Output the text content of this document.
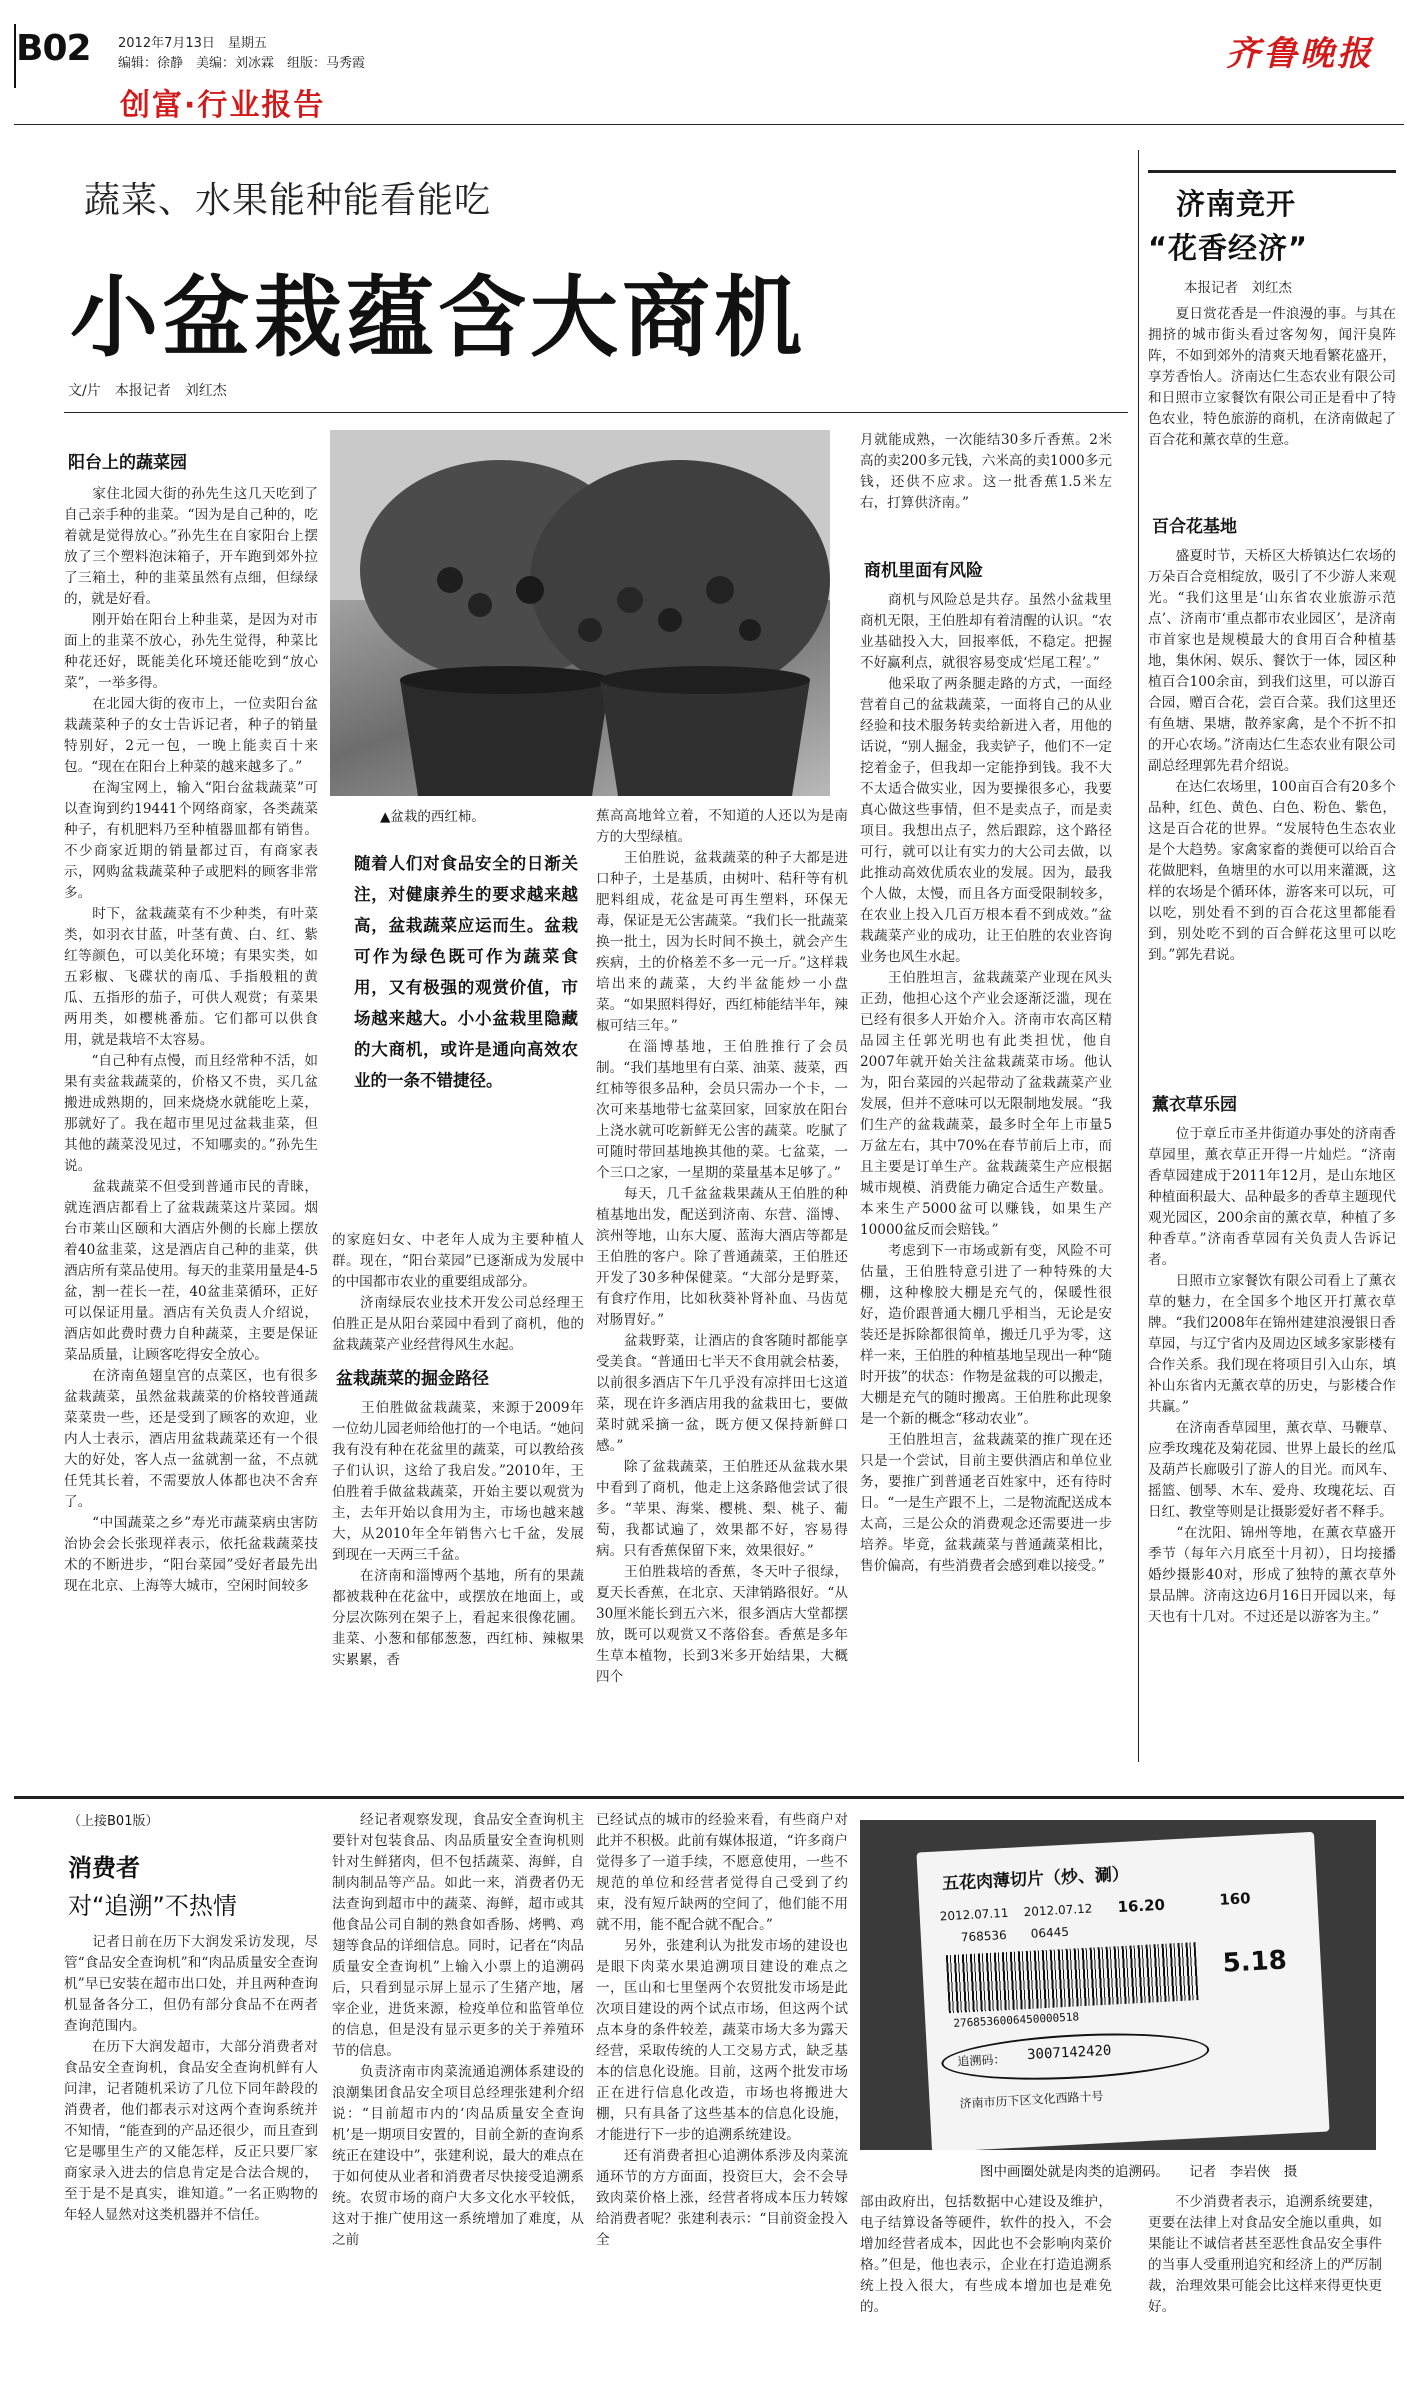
B02 2012年7月13日　星期五
编辑：徐静　美编：刘冰霖　组版：马秀霞
创富·行业报告
齐鲁晚报
蔬菜、水果能种能看能吃
小盆栽蕴含大商机
文/片　本报记者　刘红杰
阳台上的蔬菜园

　　家住北园大街的孙先生这几天吃到了自己亲手种的韭菜。“因为是自己种的，吃着就是觉得放心。”孙先生在自家阳台上摆放了三个塑料泡沫箱子，开车跑到郊外拉了三箱土，种的韭菜虽然有点细，但绿绿的，就是好看。
　　刚开始在阳台上种韭菜，是因为对市面上的韭菜不放心，孙先生觉得，种菜比种花还好，既能美化环境还能吃到“放心菜”，一举多得。
　　在北园大街的夜市上，一位卖阳台盆栽蔬菜种子的女士告诉记者，种子的销量特别好，2元一包，一晚上能卖百十来包。“现在在阳台上种菜的越来越多了。”
　　在淘宝网上，输入“阳台盆栽蔬菜”可以查询到约19441个网络商家，各类蔬菜种子，有机肥料乃至种植器皿都有销售。不少商家近期的销量都过百，有商家表示，网购盆栽蔬菜种子或肥料的顾客非常多。
　　时下，盆栽蔬菜有不少种类，有叶菜类，如羽衣甘蓝，叶茎有黄、白、红、紫红等颜色，可以美化环境；有果实类，如五彩椒、飞碟状的南瓜、手指般粗的黄瓜、五指形的茄子，可供人观赏；有菜果两用类，如樱桃番茄。它们都可以供食用，就是栽培不太容易。
　　“自己种有点慢，而且经常种不活，如果有卖盆栽蔬菜的，价格又不贵，买几盆搬进成熟期的，回来烧烧水就能吃上菜，那就好了。我在超市里见过盆栽韭菜，但其他的蔬菜没见过，不知哪卖的。”孙先生说。
　　盆栽蔬菜不但受到普通市民的青睐，就连酒店都看上了盆栽蔬菜这片菜园。烟台市莱山区颐和大酒店外侧的长廊上摆放着40盆韭菜，这是酒店自己种的韭菜，供酒店所有菜品使用。每天的韭菜用量是4-5盆，割一茬长一茬，40盆韭菜循环，正好可以保证用量。酒店有关负责人介绍说，酒店如此费时费力自种蔬菜，主要是保证菜品质量，让顾客吃得安全放心。
　　在济南鱼翅皇宫的点菜区，也有很多盆栽蔬菜，虽然盆栽蔬菜的价格较普通蔬菜菜贵一些，还是受到了顾客的欢迎，业内人士表示，酒店用盆栽蔬菜还有一个很大的好处，客人点一盆就割一盆，不点就任凭其长着，不需要放人体都也决不舍弃了。
　　“中国蔬菜之乡”寿光市蔬菜病虫害防治协会会长张现祥表示，依托盆栽蔬菜技术的不断进步，“阳台菜园”受好者最先出现在北京、上海等大城市，空闲时间较多

▲盆栽的西红柿。
随着人们对食品安全的日渐关注，对健康养生的要求越来越高，盆栽蔬菜应运而生。盆栽可作为绿色既可作为蔬菜食用，又有极强的观赏价值，市场越来越大。小小盆栽里隐藏的大商机，或许是通向高效农业的一条不错捷径。

的家庭妇女、中老年人成为主要种植人群。现在，“阳台菜园”已逐渐成为发展中的中国都市农业的重要组成部分。
　　济南绿辰农业技术开发公司总经理王伯胜正是从阳台菜园中看到了商机，他的盆栽蔬菜产业经营得风生水起。

盆栽蔬菜的掘金路径

　　王伯胜做盆栽蔬菜，来源于2009年一位幼儿园老师给他打的一个电话。“她问我有没有种在花盆里的蔬菜，可以教给孩子们认识，这给了我启发。”2010年，王伯胜着手做盆栽蔬菜，开始主要以观赏为主，去年开始以食用为主，市场也越来越大，从2010年全年销售六七千盆，发展到现在一天两三千盆。
　　在济南和淄博两个基地，所有的果蔬都被栽种在花盆中，或摆放在地面上，或分层次陈列在架子上，看起来很像花圃。韭菜、小葱和郁郁葱葱，西红柿、辣椒果实累累，香

蕉高高地耸立着，不知道的人还以为是南方的大型绿植。
　　王伯胜说，盆栽蔬菜的种子大都是进口种子，土是基质，由树叶、秸秆等有机肥料组成，花盆是可再生塑料，环保无毒，保证是无公害蔬菜。“我们长一批蔬菜换一批土，因为长时间不换土，就会产生疾病，土的价格差不多一元一斤。”这样栽培出来的蔬菜，大约半盆能炒一小盘菜。“如果照料得好，西红柿能结半年，辣椒可结三年。”
　　在淄博基地，王伯胜推行了会员制。“我们基地里有白菜、油菜、菠菜，西红柿等很多品种，会员只需办一个卡，一次可来基地带七盆菜回家，回家放在阳台上浇水就可吃新鲜无公害的蔬菜。吃腻了可随时带回基地换其他的菜。七盆菜，一个三口之家，一星期的菜量基本足够了。”
　　每天，几千盆盆栽果蔬从王伯胜的种植基地出发，配送到济南、东营、淄博、滨州等地，山东大厦、蓝海大酒店等都是王伯胜的客户。除了普通蔬菜，王伯胜还开发了30多种保健菜。“大部分是野菜，有食疗作用，比如秋葵补肾补血、马齿苋对肠胃好。”
　　盆栽野菜，让酒店的食客随时都能享受美食。“普通田七半天不食用就会枯萎，以前很多酒店下午几乎没有凉拌田七这道菜，现在许多酒店用我的盆栽田七，要做菜时就采摘一盆，既方便又保持新鲜口感。”
　　除了盆栽蔬菜，王伯胜还从盆栽水果中看到了商机，他走上这条路他尝试了很多。“苹果、海棠、樱桃、梨、桃子、葡萄，我都试遍了，效果都不好，容易得病。只有香蕉保留下来，效果很好。”
　　王伯胜栽培的香蕉，冬天叶子很绿，夏天长香蕉，在北京、天津销路很好。“从30厘米能长到五六米，很多酒店大堂都摆放，既可以观赏又不落俗套。香蕉是多年生草本植物，长到3米多开始结果，大概四个

月就能成熟，一次能结30多斤香蕉。2米高的卖200多元钱，六米高的卖1000多元钱，还供不应求。这一批香蕉1.5米左右，打算供济南。”

商机里面有风险

　　商机与风险总是共存。虽然小盆栽里商机无限，王伯胜却有着清醒的认识。“农业基础投入大，回报率低，不稳定。把握不好赢利点，就很容易变成‘烂尾工程’。”
　　他采取了两条腿走路的方式，一面经营着自己的盆栽蔬菜，一面将自己的从业经验和技术服务转卖给新进入者，用他的话说，“别人掘金，我卖铲子，他们不一定挖着金子，但我却一定能挣到钱。我不大不太适合做实业，因为要操很多心，我要真心做这些事情，但不是卖点子，而是卖项目。我想出点子，然后跟踪，这个路径可行，就可以让有实力的大公司去做，以此推动高效优质农业的发展。因为，最我个人做，太慢，而且各方面受限制较多，在农业上投入几百万根本看不到成效。”盆栽蔬菜产业的成功，让王伯胜的农业咨询业务也风生水起。
　　王伯胜坦言，盆栽蔬菜产业现在风头正劲，他担心这个产业会逐渐泛滥，现在已经有很多人开始介入。济南市农高区精品园主任郭光明也有此类担忧，他自2007年就开始关注盆栽蔬菜市场。他认为，阳台菜园的兴起带动了盆栽蔬菜产业发展，但并不意味可以无限制地发展。“我们生产的盆栽蔬菜，最多时全年上市量5万盆左右，其中70%在春节前后上市，而且主要是订单生产。盆栽蔬菜生产应根据城市规模、消费能力确定合适生产数量。本来生产5000盆可以赚钱，如果生产10000盆反而会赔钱。”
　　考虑到下一市场或新有变，风险不可估量，王伯胜特意引进了一种特殊的大棚，这种橡胶大棚是充气的，保暖性很好，造价跟普通大棚几乎相当，无论是安装还是拆除都很简单，搬迁几乎为零，这样一来，王伯胜的种植基地呈现出一种“随时开拔”的状态：作物是盆栽的可以搬走，大棚是充气的随时搬离。王伯胜称此现象是一个新的概念“移动农业”。
　　王伯胜坦言，盆栽蔬菜的推广现在还只是一个尝试，目前主要供酒店和单位业务，要推广到普通老百姓家中，还有待时日。“一是生产跟不上，二是物流配送成本太高，三是公众的消费观念还需要进一步培养。毕竟，盆栽蔬菜与普通蔬菜相比，售价偏高，有些消费者会感到难以接受。”

济南竞开
“花香经济”
本报记者　刘红杰

　　夏日赏花香是一件浪漫的事。与其在拥挤的城市街头看过客匆匆，闻汗臭阵阵，不如到郊外的清爽天地看繁花盛开，享芳香怡人。济南达仁生态农业有限公司和日照市立家餐饮有限公司正是看中了特色农业，特色旅游的商机，在济南做起了百合花和薰衣草的生意。

百合花基地

　　盛夏时节，天桥区大桥镇达仁农场的万朵百合竞相绽放，吸引了不少游人来观光。“我们这里是‘山东省农业旅游示范点’、济南市‘重点都市农业园区’，是济南市首家也是规模最大的食用百合种植基地，集休闲、娱乐、餐饮于一体，园区种植百合100余亩，到我们这里，可以游百合园，赠百合花，尝百合菜。我们这里还有鱼塘、果塘，散养家禽，是个不折不扣的开心农场。”济南达仁生态农业有限公司副总经理郭先君介绍说。
　　在达仁农场里，100亩百合有20多个品种，红色、黄色、白色、粉色、紫色，这是百合花的世界。“发展特色生态农业是个大趋势。家禽家畜的粪便可以给百合花做肥料，鱼塘里的水可以用来灌溉，这样的农场是个循环体，游客来可以玩，可以吃，别处看不到的百合花这里都能看到，别处吃不到的百合鲜花这里可以吃到。”郭先君说。

薰衣草乐园

　　位于章丘市圣井街道办事处的济南香草园里，薰衣草正开得一片灿烂。“济南香草园建成于2011年12月，是山东地区种植面积最大、品种最多的香草主题现代观光园区，200余亩的薰衣草，种植了多种香草。”济南香草园有关负责人告诉记者。
　　日照市立家餐饮有限公司看上了薰衣草的魅力，在全国多个地区开打薰衣草牌。“我们2008年在锦州建建浪漫银日香草园，与辽宁省内及周边区域多家影楼有合作关系。我们现在将项目引入山东，填补山东省内无薰衣草的历史，与影楼合作共赢。”
　　在济南香草园里，薰衣草、马鞭草、应季玫瑰花及菊花园、世界上最长的丝瓜及葫芦长廊吸引了游人的目光。而风车、摇篮、刨琴、木车、爱舟、玫瑰花坛、百日红、教堂等则是让摄影爱好者不释手。
　　“在沈阳、锦州等地，在薰衣草盛开季节（每年六月底至十月初），日均接播婚纱摄影40对，形成了独特的薰衣草外景品牌。济南这边6月16日开园以来，每天也有十几对。不过还是以游客为主。”

（上接B01版）
消费者
对“追溯”不热情

　　记者日前在历下大润发采访发现，尽管“食品安全查询机”和“肉品质量安全查询机”早已安装在超市出口处，并且两种查询机显备各分工，但仍有部分食品不在两者查询范围内。
　　在历下大润发超市，大部分消费者对食品安全查询机，食品安全查询机鲜有人问津，记者随机采访了几位下同年龄段的消费者，他们都表示对这两个查询系统并不知情，“能查到的产品还很少，而且查到它是哪里生产的又能怎样，反正只要厂家商家录入进去的信息肯定是合法合规的，至于是不是真实，谁知道。”一名正购物的年轻人显然对这类机器并不信任。

　　经记者观察发现，食品安全查询机主要针对包装食品、肉品质量安全查询机则针对生鲜猪肉，但不包括蔬菜、海鲜，自制肉制品等产品。如此一来，消费者仍无法查询到超市中的蔬菜、海鲜，超市或其他食品公司自制的熟食如香肠、烤鸭、鸡翅等食品的详细信息。同时，记者在“肉品质量安全查询机”上输入小票上的追溯码后，只看到显示屏上显示了生猪产地，屠宰企业，进货来源，检疫单位和监管单位的信息，但是没有显示更多的关于养殖环节的信息。
　　负责济南市肉菜流通追溯体系建设的浪潮集团食品安全项目总经理张建利介绍说：“目前超市内的‘肉品质量安全查询机’是一期项目安置的，目前全新的查询系统正在建设中”，张建利说，最大的难点在于如何使从业者和消费者尽快接受追溯系统。农贸市场的商户大多文化水平较低，这对于推广使用这一系统增加了难度，从之前

已经试点的城市的经验来看，有些商户对此并不积极。此前有媒体报道，“许多商户觉得多了一道手续，不愿意使用，一些不规范的单位和经营者觉得自己受到了约束，没有短斤缺两的空间了，他们能不用就不用，能不配合就不配合。”
　　另外，张建利认为批发市场的建设也是眼下肉菜水果追溯项目建设的难点之一，匡山和七里堡两个农贸批发市场是此次项目建设的两个试点市场，但这两个试点本身的条件较差，蔬菜市场大多为露天经营，采取传统的人工交易方式，缺乏基本的信息化设施。目前，这两个批发市场正在进行信息化改造，市场也将搬进大棚，只有具备了这些基本的信息化设施，才能进行下一步的追溯系统建设。
　　还有消费者担心追溯体系涉及肉菜流通环节的方方面面，投资巨大，会不会导致肉菜价格上涨，经营者将成本压力转嫁给消费者呢？张建利表示：“目前资金投入全

五花肉薄切片（炒、涮）
2012.07.11 2012.07.12 16.20	160
768536 06445
5.18
2768536006450000518
追溯码： 3007142420
济南市历下区文化西路十号
图中画圈处就是肉类的追溯码。　　记者　李岩俠　摄

部由政府出，包括数据中心建设及维护，电子结算设备等硬件，软件的投入，不会增加经营者成本，因此也不会影响肉菜价格。”但是，他也表示，企业在打造追溯系统上投入很大，有些成本增加也是难免的。

　　不少消费者表示，追溯系统要建，更要在法律上对食品安全施以重典，如果能让不诚信者甚至恶性食品安全事件的当事人受重刑追究和经济上的严厉制裁，治理效果可能会比这样来得更快更好。
